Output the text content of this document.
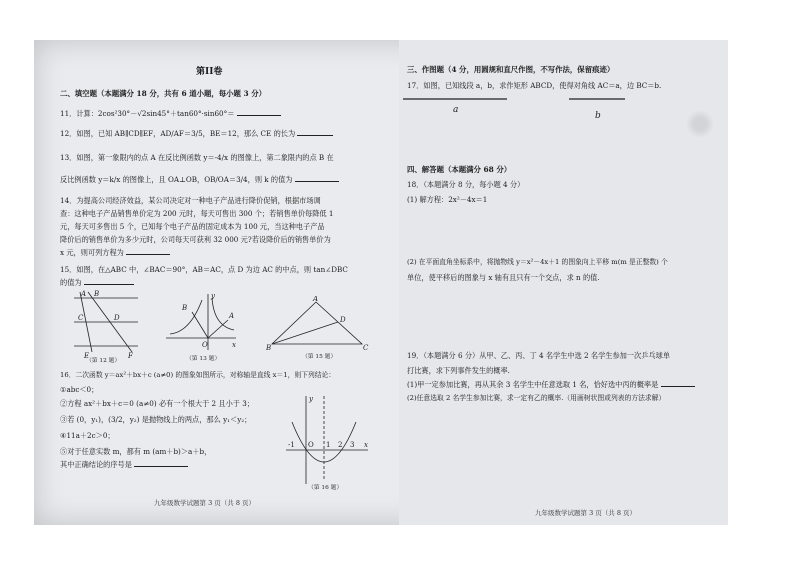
第II卷
二、填空题（本题满分 18 分，共有 6 道小题，每小题 3 分）
11．计算：2cos²30°－√2sin45°＋tan60°·sin60°＝
12．如图，已知 AB∥CD∥EF，AD/AF＝3/5，BE＝12，那么 CE 的长为
13．如图，第一象限内的点 A 在反比例函数 y＝-4/x 的图像上，第二象限内的点 B 在
反比例函数 y＝k/x 的图像上，且 OA⊥OB，OB/OA＝3/4，则 k 的值为
14．为提高公司经济效益，某公司决定对一种电子产品进行降价促销，根据市场调
查：这种电子产品销售单价定为 200 元时，每天可售出 300 个；若销售单价每降低 1
元，每天可多售出 5 个，已知每个电子产品的固定成本为 100 元，当这种电子产品
降价后的销售单价为多少元时，公司每天可获利 32 000 元?若设降价后的销售单价为
x 元，则可列方程为
15．如图，在△ABC 中，∠BAC＝90°，AB＝AC，点 D 为边 AC 的中点，则 tan∠DBC
的值为
A B
C	D
E	F
（第 12 题）
B
y
A
O	x
（第 13 题）
A
D
B	C
（第 15 题）
16．二次函数 y＝ax²＋bx＋c (a≠0) 的图象如图所示，对称轴是直线 x＝1，则下列结论：
①abc＜0；
②方程 ax²＋bx＋c＝0 (a≠0) 必有一个根大于 2 且小于 3；
③若 (0，y₁)，(3/2，y₂) 是抛物线上的两点，那么 y₁＜y₂；
④11a＋2c＞0；
⑤对于任意实数 m，都有 m (am＋b)＞a＋b，
其中正确结论的序号是
y
-1 O 1 2 3 x
（第 16 题）
九年级数学试题第 3 页（共 8 页）
三、作图题（4 分，用圆规和直尺作图，不写作法，保留痕迹）
17．如图，已知线段 a，b，求作矩形 ABCD，使得对角线 AC＝a，边 BC＝b.
a
b
四、解答题（本题满分 68 分）
18．（本题满分 8 分，每小题 4 分）
(1) 解方程：2x²－4x＝1
(2) 在平面直角坐标系中，将抛物线 y＝x²－4x＋1 的图象向上平移 m(m 是正整数) 个
单位，使平移后的图象与 x 轴有且只有一个交点，求 n 的值.
19．（本题满分 6 分）从甲、乙、丙、丁 4 名学生中选 2 名学生参加一次乒乓球单
打比赛，求下列事件发生的概率.
(1)甲一定参加比赛，再从其余 3 名学生中任意选取 1 名，恰好选中丙的概率是
(2)任意选取 2 名学生参加比赛，求一定有乙的概率.（用画树状图或列表的方法求解）
九年级数学试题第 3 页（共 8 页）
